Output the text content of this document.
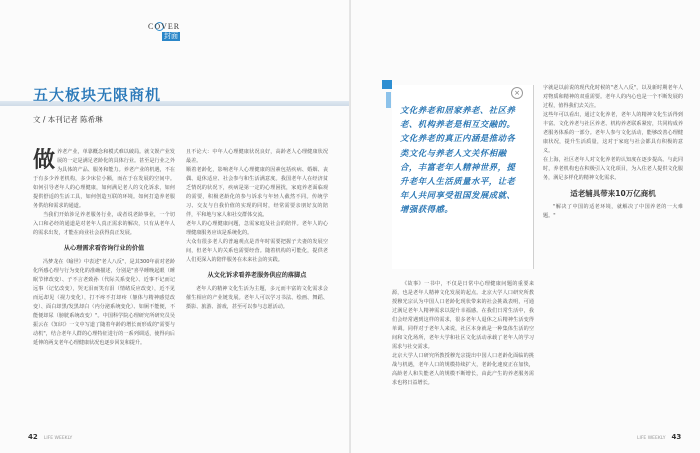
COVER
封面
五大板块无限商机
文 / 本刊记者 陈希琳
做 养老产业，单靠概念和模式难以破局。就文娱产业发展的一定是满足老龄化的具体行业。甚至是行业之外为具体的产品、服务和能力。养老产业的机遇，不在于有多少养老机构，多少床位小额，而在于在发展的空间中。如何引导老年人的心理健康，如何满足老人的文化诉求，如何提供舒适的生活工具，如何创造互联的环境。如何打造养老服务供给和需求的通道。

当我们开始涉足养老服务行业，或者说老龄事业，一个切入口和必经的通道是对老年人真正需求的解决，只有从老年人的需求出发，才能在商业社会获得真正发展。

从心理需求看咨询行业的价值

冯梦龙在《喻世》中表述"老人八反"，是其300年前对老龄化所感心理与行为变化的准确描述，分别是"喜早睡晚起眼（睡眠节律改变）、子不言老致孙（代际关系变化）、近事不记而记远事（记忆改变），哭无泪而笑有泪（情绪反应改变），近不见而远却见（视力变化），打不疼不打却疼（躯体与精神感觉改变）、面白却黑/发黑却白（内分泌系统变化）、如厕不能便，不能便却尿（膀胱系统改变）"。中国科学院心理研究所研究员吴振云在《知识》一文中写道了随着年龄的增长而形成的"需要与动机"，结合老年人群的心理特征进行的一系列调适，使得向后延伸的两支老年心理健康状况也逐步回复和提升。

且不论大：中年人心理健康状况良好，高龄老人心理健康状况最差。
顺着老龄化，影响老年人心理健康的因素包括疾病、婚姻、丧偶、退休适应、社会参与和生活满意度。我国老年人在经济贫乏情况的状况下，疾病是第一定的心理困扰，家庭养老面临观的需要，积极老龄化的参与诉求与年轻人截然不同。传统学习、交友与自我价值的实现的同时，经常需要亲朋好友的陪伴，平和地与家人和社交群体交流。
老年人的心理健康问题，急需家庭及社会的陪伴。老年人的心理健康服务应该是系统化的。
大众有很多老人的普遍观点是青年时需要把握子夫妻的发展空间，但老年人的关系也需要经营。随着机构的可能化，提供老人们更深入的陪伴服务在未来社会的实践。

从文化诉求看养老服务供应的落脚点

老年人的精神文化生活为主题，多元而丰富的文化需求会催生相应的产业链发展。老年人可以学习书法、绘画、舞蹈、摄影、旅游、游戏，甚至可以参与志愿活动。

×
文化养老和居家养老、社区养老、机构养老是相互交融的。文化养老的真正内涵是推动各类文化与养老人文关怀相融合，丰富老年人精神世界，提升老年人生活质量水平，让老年人共同享受祖国发展成就、增强获得感。

《故事》一书中，不仅是日常中心理健康问题的重要来源，也是老年人精神文化发展的起点。北京大学人口研究所教授穆光宗认为中国人口老龄化现状带来的社会挑战表明，可通过满足老年人精神需求以提升幸福感。在我们日常生活中，我们会经常遇到这样的需求，很多老年人退休之后精神生活变得单调。同样对于老年人来说，社区本身就是一种集体生活的空间和文化场所，老年大学和社区文化活动承载了老年人的学习需求与社交需求。
北京大学人口研究所教授穆光宗提出中国人口老龄化面临的挑战与机遇，老年人口的规模持续扩大，老龄化速度正在加快，高龄老人和失能老人的规模不断增长，由此产生的养老服务需求也将日益增长。

字就是以前说的现代化时候的"老人八反"，以及新时期老年人对物质和精神的双重需要。老年人的内心也是一个不断发展的过程，值得我们去关注。
这些年可以看出，通过文化养老，老年人的精神文化生活得到丰富。文化养老与社区养老、机构养老联系紧密，共同构成养老服务体系的一部分。老年人参与文化活动，能够改善心理健康状况，提升生活质量，这对于家庭与社会都具有积极的意义。
在上海，社区老年人对文化养老的认知度在逐步提高。与此同时，养老机构也在积极引入文化项目，为入住老人提供文化服务，满足多样化的精神文化需求。

适老辅具带来10万亿商机

"解决了中国的适老环境，就解决了中国养老的一大难题。"

42 LIFE WEEKLY	LIFE WEEKLY 43
